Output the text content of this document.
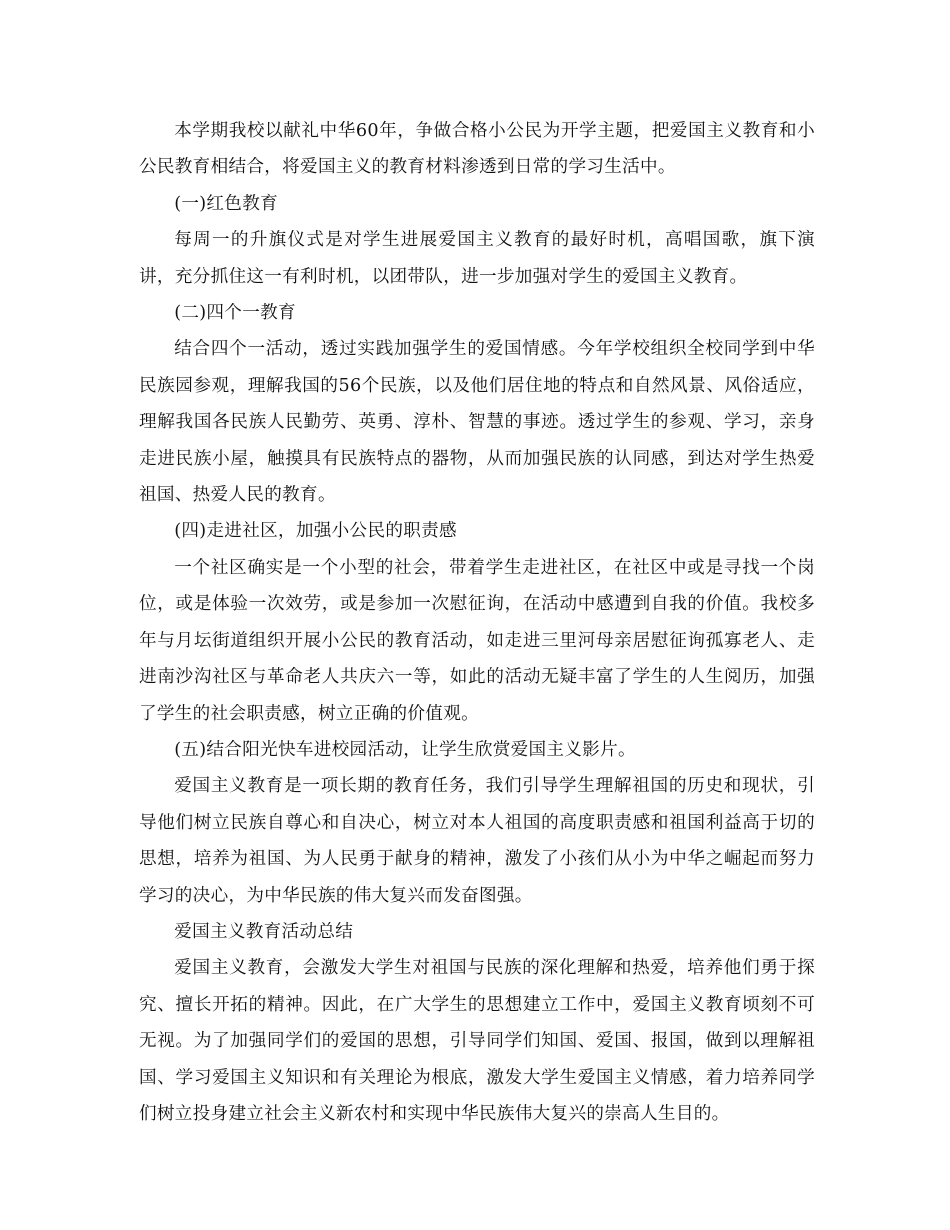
本学期我校以献礼中华60年，争做合格小公民为开学主题，把爱国主义教育和小公民教育相结合，将爱国主义的教育材料渗透到日常的学习生活中。

(一)红色教育

每周一的升旗仪式是对学生进展爱国主义教育的最好时机，高唱国歌，旗下演讲，充分抓住这一有利时机，以团带队，进一步加强对学生的爱国主义教育。

(二)四个一教育

结合四个一活动，透过实践加强学生的爱国情感。今年学校组织全校同学到中华民族园参观，理解我国的56个民族，以及他们居住地的特点和自然风景、风俗适应，理解我国各民族人民勤劳、英勇、淳朴、智慧的事迹。透过学生的参观、学习，亲身走进民族小屋，触摸具有民族特点的器物，从而加强民族的认同感，到达对学生热爱祖国、热爱人民的教育。

(四)走进社区，加强小公民的职责感

一个社区确实是一个小型的社会，带着学生走进社区，在社区中或是寻找一个岗位，或是体验一次效劳，或是参加一次慰征询，在活动中感遭到自我的价值。我校多年与月坛街道组织开展小公民的教育活动，如走进三里河母亲居慰征询孤寡老人、走进南沙沟社区与革命老人共庆六一等，如此的活动无疑丰富了学生的人生阅历，加强了学生的社会职责感，树立正确的价值观。

(五)结合阳光快车进校园活动，让学生欣赏爱国主义影片。

爱国主义教育是一项长期的教育任务，我们引导学生理解祖国的历史和现状，引导他们树立民族自尊心和自决心，树立对本人祖国的高度职责感和祖国利益高于切的思想，培养为祖国、为人民勇于献身的精神，激发了小孩们从小为中华之崛起而努力学习的决心，为中华民族的伟大复兴而发奋图强。

爱国主义教育活动总结

爱国主义教育，会激发大学生对祖国与民族的深化理解和热爱，培养他们勇于探究、擅长开拓的精神。因此，在广大学生的思想建立工作中，爱国主义教育顷刻不可无视。为了加强同学们的爱国的思想，引导同学们知国、爱国、报国，做到以理解祖国、学习爱国主义知识和有关理论为根底，激发大学生爱国主义情感，着力培养同学们树立投身建立社会主义新农村和实现中华民族伟大复兴的崇高人生目的。
